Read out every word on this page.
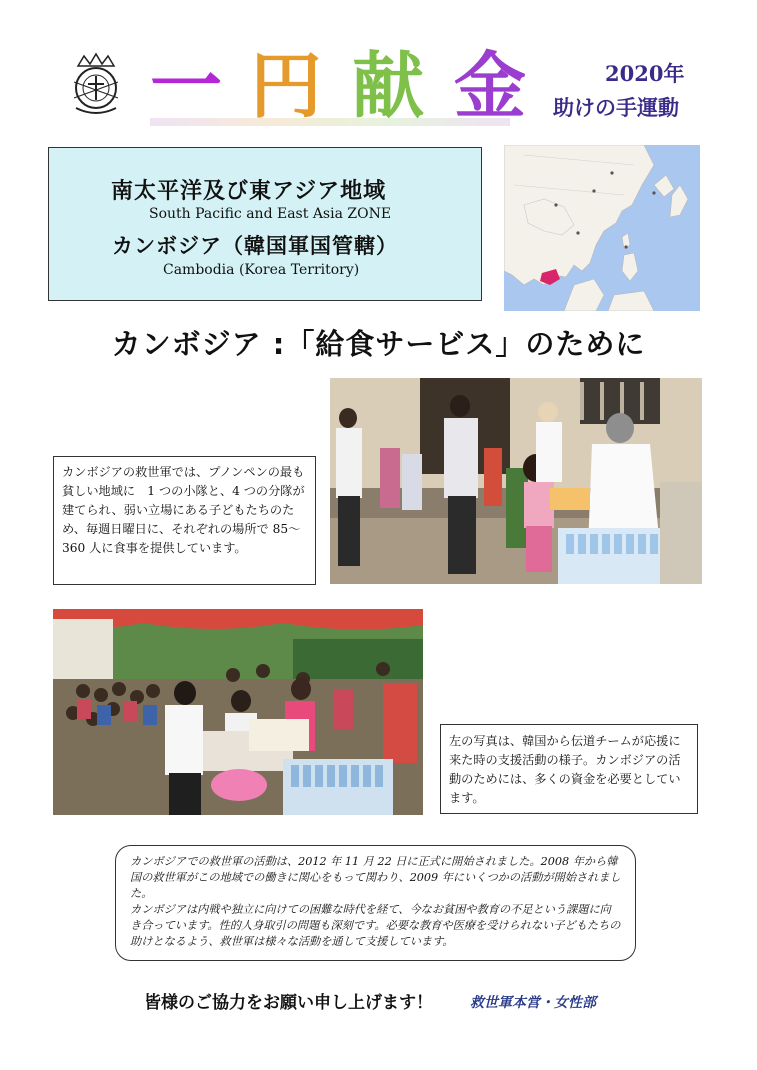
一 円 献 金	2020年
助けの手運動
南太平洋及び東アジア地域
South Pacific and East Asia ZONE
カンボジア（韓国軍国管轄）
Cambodia (Korea Territory)
カンボジア :「給食サービス」のために
カンボジアの救世軍では、プノンペンの最も貧しい地域に　1 つの小隊と、4 つの分隊が建てられ、弱い立場にある子どもたちのため、毎週日曜日に、それぞれの場所で 85～360 人に食事を提供しています。
左の写真は、韓国から伝道チームが応援に来た時の支援活動の様子。カンボジアの活動のためには、多くの資金を必要としています。

カンボジアでの救世軍の活動は、2012 年 11 月 22 日に正式に開始されました。2008 年から韓国の救世軍がこの地域での働きに関心をもって関わり、2009 年にいくつかの活動が開始されました。

カンボジアは内戦や独立に向けての困難な時代を経て、今なお貧困や教育の不足という課題に向き合っています。性的人身取引の問題も深刻です。必要な教育や医療を受けられない子どもたちの助けとなるよう、救世軍は様々な活動を通して支援しています。

皆様のご協力をお願い申し上げます！	救世軍本営・女性部
